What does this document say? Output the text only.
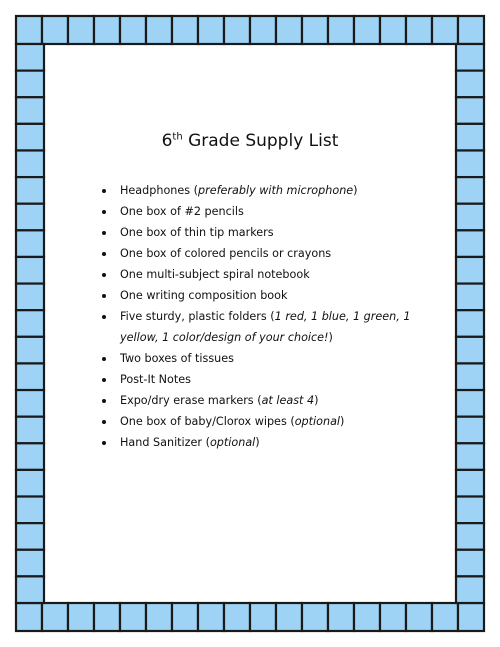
6th Grade Supply List
Headphones (preferably with microphone)
One box of #2 pencils
One box of thin tip markers
One box of colored pencils or crayons
One multi-subject spiral notebook
One writing composition book
Five sturdy, plastic folders (1 red, 1 blue, 1 green, 1 yellow, 1 color/design of your choice!)
Two boxes of tissues
Post-It Notes
Expo/dry erase markers (at least 4)
One box of baby/Clorox wipes (optional)
Hand Sanitizer (optional)
